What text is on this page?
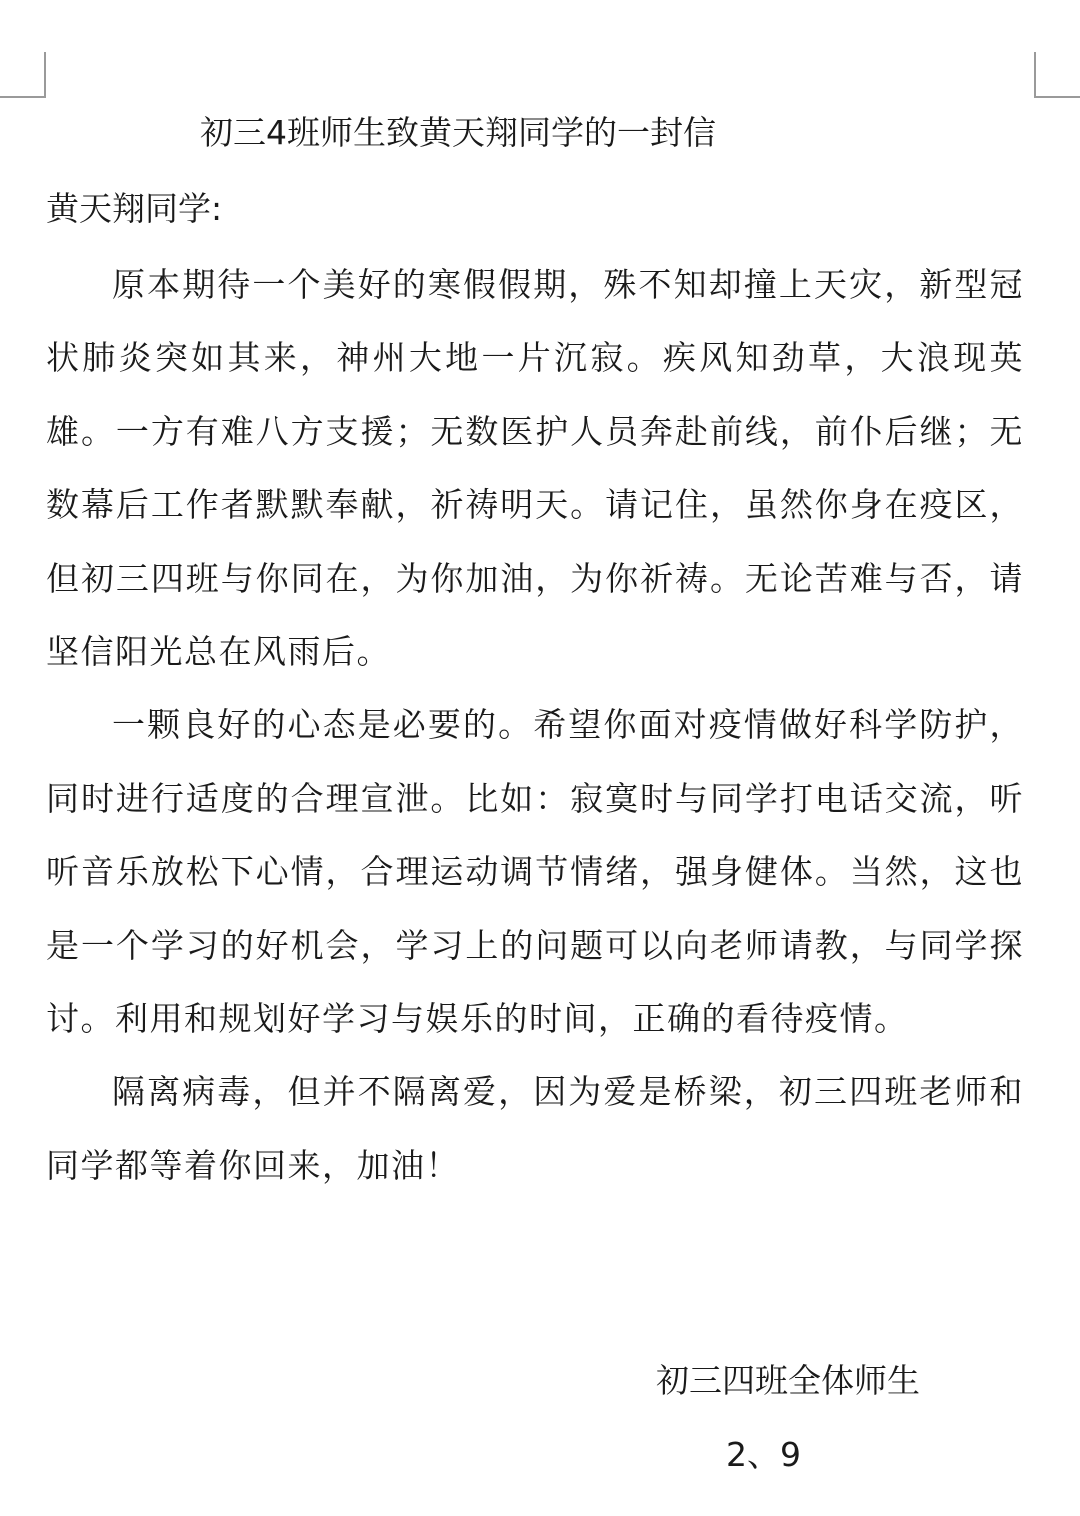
初三4班师生致黄天翔同学的一封信
黄天翔同学:

原本期待一个美好的寒假假期，殊不知却撞上天灾，新型冠状肺炎突如其来，神州大地一片沉寂。疾风知劲草，大浪现英雄。一方有难八方支援；无数医护人员奔赴前线，前仆后继；无数幕后工作者默默奉献，祈祷明天。请记住，虽然你身在疫区，但初三四班与你同在，为你加油，为你祈祷。无论苦难与否，请坚信阳光总在风雨后。

一颗良好的心态是必要的。希望你面对疫情做好科学防护，同时进行适度的合理宣泄。比如：寂寞时与同学打电话交流，听听音乐放松下心情，合理运动调节情绪，强身健体。当然，这也是一个学习的好机会，学习上的问题可以向老师请教，与同学探讨。利用和规划好学习与娱乐的时间，正确的看待疫情。

隔离病毒，但并不隔离爱，因为爱是桥梁，初三四班老师和同学都等着你回来，加油！

初三四班全体师生
2、9
